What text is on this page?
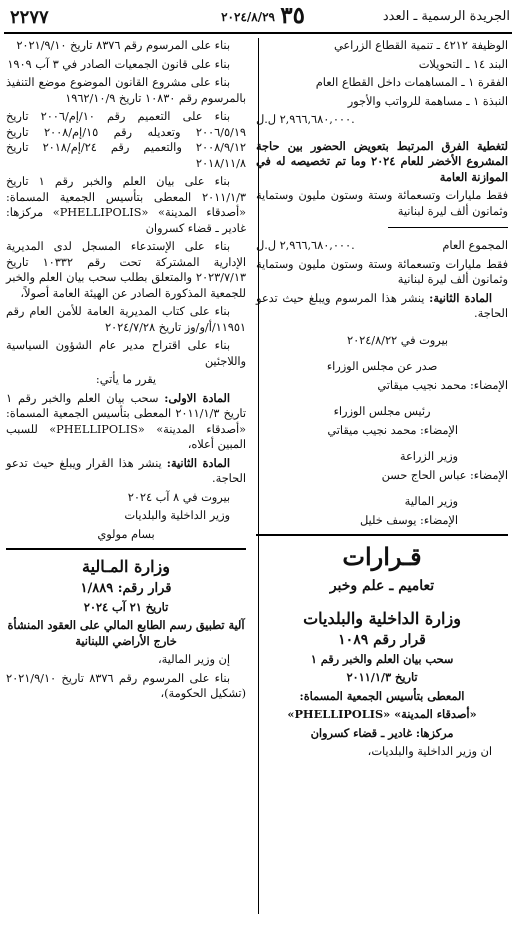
الجريدة الرسمية ـ العدد
٣٥
٢٠٢٤/٨/٢٩
٢٢٧٧

الوظيفة ٤٢١٢ ـ تنمية القطاع الزراعي

البند ١٤ ـ التحويلات

الفقرة ١ ـ المساهمات داخل القطاع العام

النبذة ١ ـ مساهمة للرواتب والأجور

٢,٩٦٦,٦٨٠,٠٠٠ ل.ل.

لتغطية الفرق المرتبط بتعويض الحضور بين حاجة المشروع الأخضر للعام ٢٠٢٤ وما تم تخصيصه له في الموازنة العامة

فقط مليارات وتسعمائة وستة وستون مليون وستماية وثمانون ألف ليرة لبنانية

المجموع العام
٢,٩٦٦,٦٨٠,٠٠٠ ل.ل.

فقط مليارات وتسعمائة وستة وستون مليون وستماية وثمانون ألف ليرة لبنانية

المادة الثانية: ينشر هذا المرسوم ويبلغ حيث تدعو الحاجة.

بيروت في ٢٠٢٤/٨/٢٢

صدر عن مجلس الوزراء

الإمضاء: محمد نجيب ميقاتي

رئيس مجلس الوزراء

الإمضاء: محمد نجيب ميقاتي

وزير الزراعة

الإمضاء: عباس الحاج حسن

وزير المالية

الإمضاء: يوسف خليل

قـرارات

تعاميم ـ علم وخبر

وزارة الداخلية والبلديات

قرار رقم ١٠٨٩

سحب بيان العلم والخبر رقم ١

تاريخ ٢٠١١/١/٣

المعطى بتأسيس الجمعية المسماة:

«أصدقاء المدينة» «PHELLIPOLIS»

مركزها: غادير ـ قضاء كسروان

ان وزير الداخلية والبلديات،

بناء على المرسوم رقم ٨٣٧٦ تاريخ ٢٠٢١/٩/١٠

بناء على قانون الجمعيات الصادر في ٣ آب ١٩٠٩

بناء على مشروع القانون الموضوع موضع التنفيذ بالمرسوم رقم ١٠٨٣٠ تاريخ ١٩٦٢/١٠/٩

بناء على التعميم رقم ١٠/إم/٢٠٠٦ تاريخ ٢٠٠٦/٥/١٩ وتعديله رقم ١٥/إم/٢٠٠٨ تاريخ ٢٠٠٨/٩/١٢ والتعميم رقم ٢٤/إم/٢٠١٨ تاريخ ٢٠١٨/١١/٨

بناء على بيان العلم والخبر رقم ١ تاريخ ٢٠١١/١/٣ المعطى بتأسيس الجمعية المسماة: «أصدقاء المدينة» «PHELLIPOLIS» مركزها: غادير ـ قضاء كسروان

بناء على الإستدعاء المسجل لدى المديرية الإدارية المشتركة تحت رقم ١٠٣٣٢ تاريخ ٢٠٢٣/٧/١٣ والمتعلق بطلب سحب بيان العلم والخبر للجمعية المذكورة الصادر عن الهيئة العامة أصولاً،

بناء على كتاب المديرية العامة للأمن العام رقم ١١٩٥١/أ/و/وز تاريخ ٢٠٢٤/٧/٢٨

بناء على اقتراح مدير عام الشؤون السياسية واللاجئين

يقرر ما يأتي:

المادة الاولى: سحب بيان العلم والخبر رقم ١ تاريخ ٢٠١١/١/٣ المعطى بتأسيس الجمعية المسماة: «أصدقاء المدينة» «PHELLIPOLIS» للسبب المبين أعلاه،

المادة الثانية: ينشر هذا القرار ويبلغ حيث تدعو الحاجة.

بيروت في ٨ آب ٢٠٢٤

وزير الداخلية والبلديات

بسام مولوي

وزارة المـالية

قرار رقم: ١/٨٨٩

تاريخ ٢١ آب ٢٠٢٤

آلية تطبيق رسم الطابع المالي على العقود المنشأة خارج الأراضي اللبنانية

إن وزير المالية،

بناء على المرسوم رقم ٨٣٧٦ تاريخ ٢٠٢١/٩/١٠ (تشكيل الحكومة)،
